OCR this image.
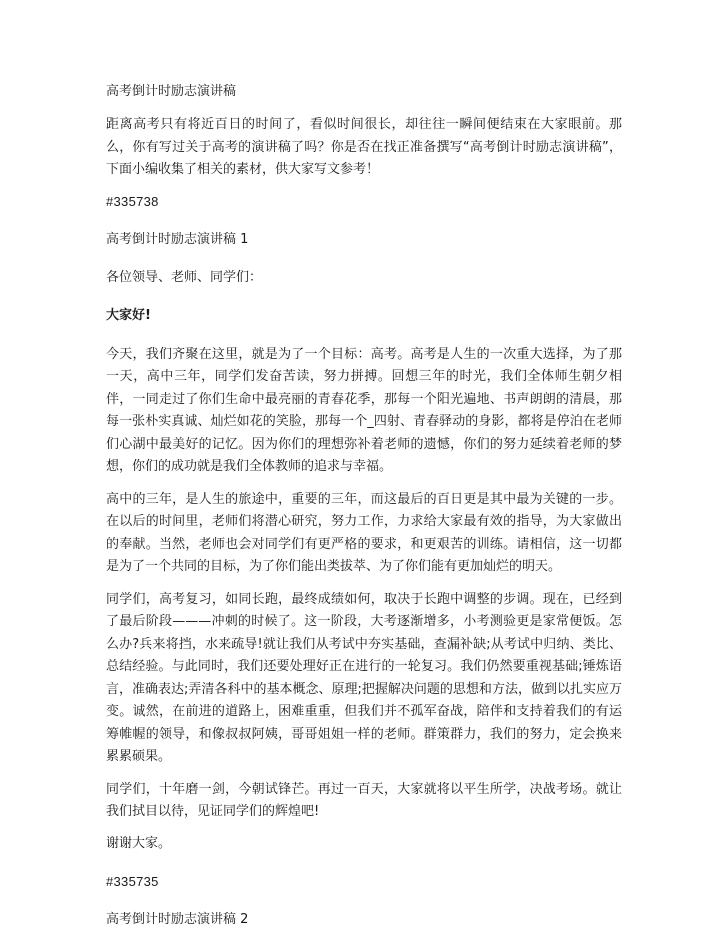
高考倒计时励志演讲稿
距离高考只有将近百日的时间了，看似时间很长，却往往一瞬间便结束在大家眼前。那么，你有写过关于高考的演讲稿了吗？你是否在找正准备撰写“高考倒计时励志演讲稿”，下面小编收集了相关的素材，供大家写文参考！
#335738
高考倒计时励志演讲稿 1
各位领导、老师、同学们：
大家好!
今天，我们齐聚在这里，就是为了一个目标：高考。高考是人生的一次重大选择，为了那一天，高中三年，同学们发奋苦读，努力拼搏。回想三年的时光，我们全体师生朝夕相伴，一同走过了你们生命中最亮丽的青春花季，那每一个阳光遍地、书声朗朗的清晨，那每一张朴实真诚、灿烂如花的笑脸，那每一个_四射、青春驿动的身影，都将是停泊在老师们心湖中最美好的记忆。因为你们的理想弥补着老师的遗憾，你们的努力延续着老师的梦想，你们的成功就是我们全体教师的追求与幸福。
高中的三年，是人生的旅途中，重要的三年，而这最后的百日更是其中最为关键的一步。在以后的时间里，老师们将潜心研究，努力工作，力求给大家最有效的指导，为大家做出的奉献。当然，老师也会对同学们有更严格的要求，和更艰苦的训练。请相信，这一切都是为了一个共同的目标，为了你们能出类拔萃、为了你们能有更加灿烂的明天。
同学们，高考复习，如同长跑，最终成绩如何，取决于长跑中调整的步调。现在，已经到了最后阶段———冲刺的时候了。这一阶段，大考逐渐增多，小考测验更是家常便饭。怎么办?兵来将挡，水来疏导!就让我们从考试中夯实基础，查漏补缺;从考试中归纳、类比、总结经验。与此同时，我们还要处理好正在进行的一轮复习。我们仍然要重视基础;锤炼语言，准确表达;弄清各科中的基本概念、原理;把握解决问题的思想和方法，做到以扎实应万变。诚然，在前进的道路上，困难重重，但我们并不孤军奋战，陪伴和支持着我们的有运筹帷幄的领导，和像叔叔阿姨，哥哥姐姐一样的老师。群策群力，我们的努力，定会换来累累硕果。
同学们，十年磨一剑，今朝试锋芒。再过一百天，大家就将以平生所学，决战考场。就让我们拭目以待，见证同学们的辉煌吧!
谢谢大家。
#335735
高考倒计时励志演讲稿 2
